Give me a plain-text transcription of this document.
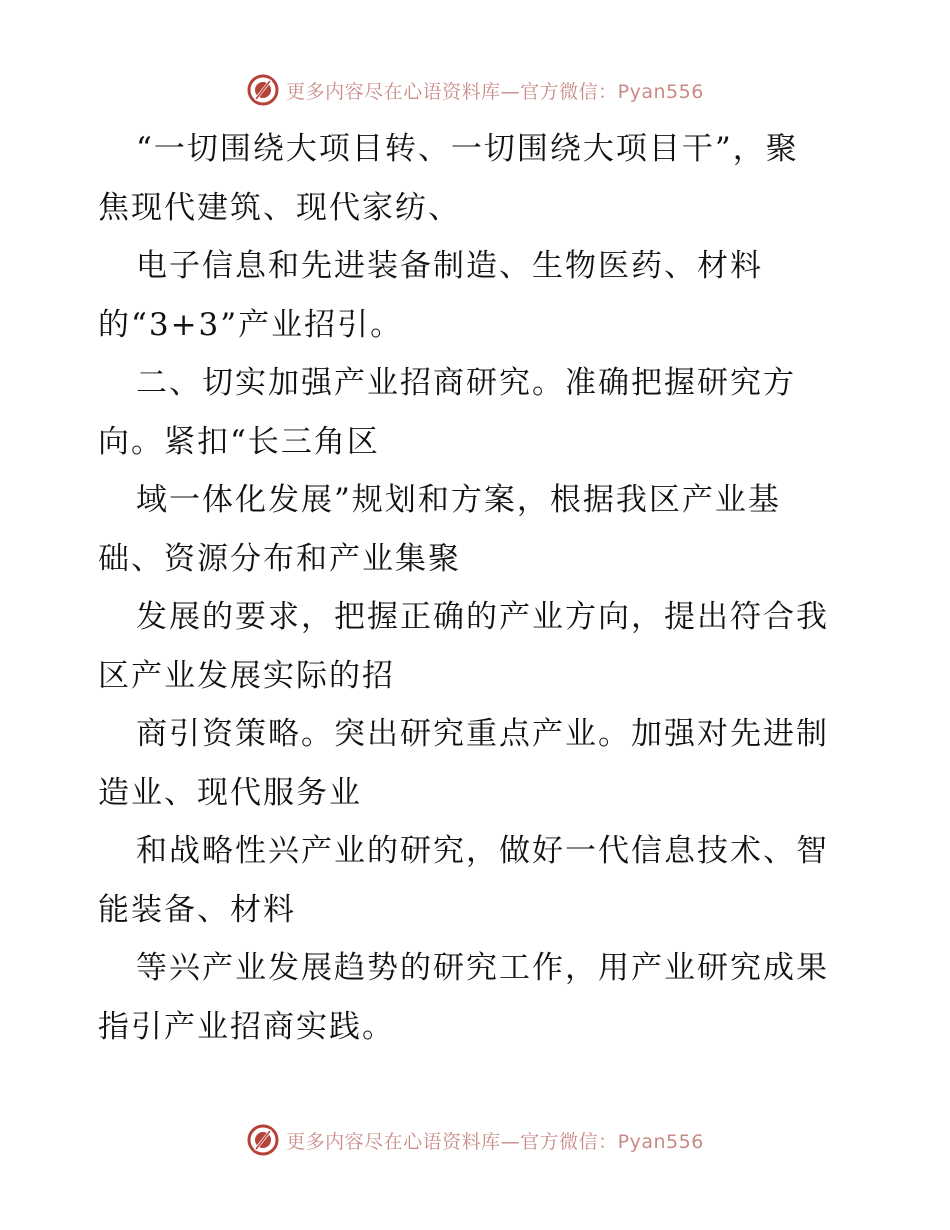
更多内容尽在心语资料库—官方微信：Pyan556
“一切围绕大项目转、一切围绕大项目干”，聚
焦现代建筑、现代家纺、
电子信息和先进装备制造、生物医药、材料
的“3+3”产业招引。
二、切实加强产业招商研究。准确把握研究方
向。紧扣“长三角区
域一体化发展”规划和方案，根据我区产业基
础、资源分布和产业集聚
发展的要求，把握正确的产业方向，提出符合我
区产业发展实际的招
商引资策略。突出研究重点产业。加强对先进制
造业、现代服务业
和战略性兴产业的研究，做好一代信息技术、智
能装备、材料
等兴产业发展趋势的研究工作，用产业研究成果
指引产业招商实践。
更多内容尽在心语资料库—官方微信：Pyan556
